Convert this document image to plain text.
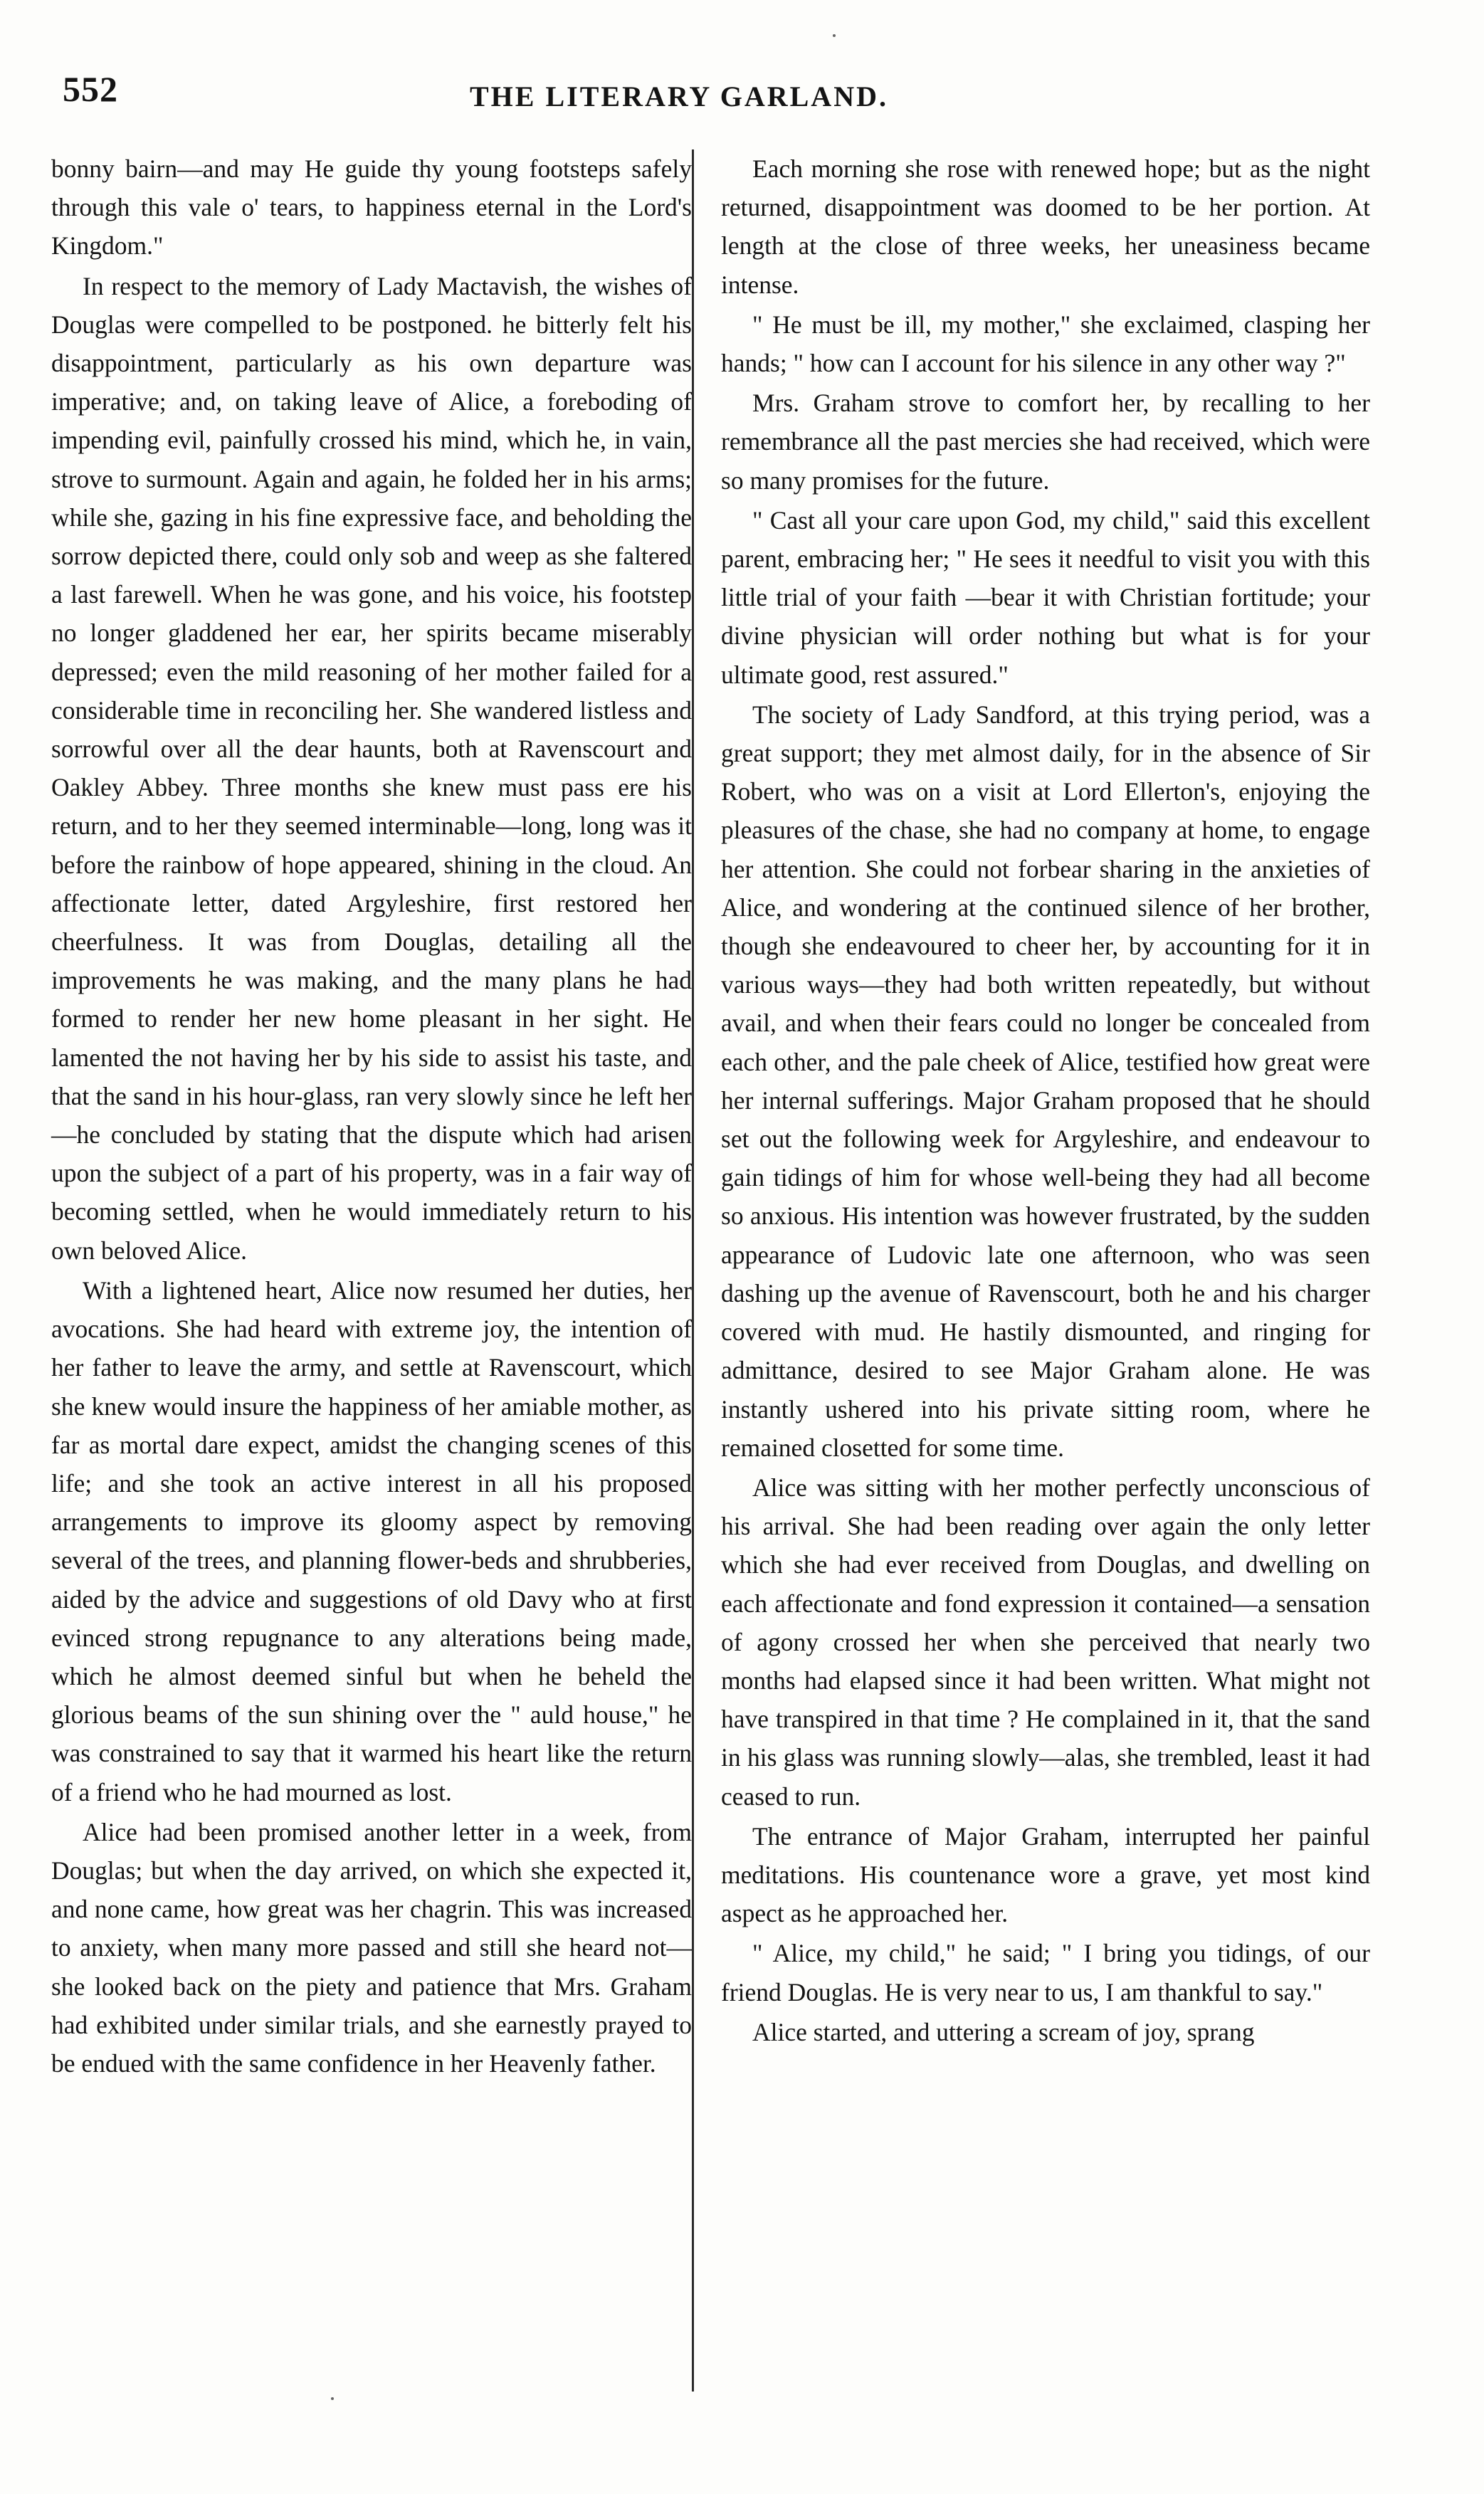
552	THE LITERARY GARLAND.

bonny bairn—and may He guide thy young footsteps safely through this vale o' tears, to happiness eternal in the Lord's Kingdom."

In respect to the memory of Lady Mactavish, the wishes of Douglas were compelled to be postponed. he bitterly felt his disappointment, particularly as his own departure was imperative; and, on taking leave of Alice, a foreboding of impending evil, painfully crossed his mind, which he, in vain, strove to surmount. Again and again, he folded her in his arms; while she, gazing in his fine expressive face, and beholding the sorrow depicted there, could only sob and weep as she faltered a last farewell. When he was gone, and his voice, his footstep no longer gladdened her ear, her spirits became miserably depressed; even the mild reasoning of her mother failed for a considerable time in reconciling her. She wandered listless and sorrowful over all the dear haunts, both at Ravenscourt and Oakley Abbey. Three months she knew must pass ere his return, and to her they seemed interminable—long, long was it before the rainbow of hope appeared, shining in the cloud. An affectionate letter, dated Argyleshire, first restored her cheerfulness. It was from Douglas, detailing all the improvements he was making, and the many plans he had formed to render her new home pleasant in her sight. He lamented the not having her by his side to assist his taste, and that the sand in his hour-glass, ran very slowly since he left her—he concluded by stating that the dispute which had arisen upon the subject of a part of his property, was in a fair way of becoming settled, when he would immediately return to his own beloved Alice.

With a lightened heart, Alice now resumed her duties, her avocations. She had heard with extreme joy, the intention of her father to leave the army, and settle at Ravenscourt, which she knew would insure the happiness of her amiable mother, as far as mortal dare expect, amidst the changing scenes of this life; and she took an active interest in all his proposed arrangements to improve its gloomy aspect by removing several of the trees, and planning flower-beds and shrubberies, aided by the advice and suggestions of old Davy who at first evinced strong repugnance to any alterations being made, which he almost deemed sinful but when he beheld the glorious beams of the sun shining over the " auld house," he was constrained to say that it warmed his heart like the return of a friend who he had mourned as lost.

Alice had been promised another letter in a week, from Douglas; but when the day arrived, on which she expected it, and none came, how great was her chagrin. This was increased to anxiety, when many more passed and still she heard not—she looked back on the piety and patience that Mrs. Graham had exhibited under similar trials, and she earnestly prayed to be endued with the same confidence in her Heavenly father.

Each morning she rose with renewed hope; but as the night returned, disappointment was doomed to be her portion. At length at the close of three weeks, her uneasiness became intense.

" He must be ill, my mother," she exclaimed, clasping her hands; " how can I account for his silence in any other way ?"

Mrs. Graham strove to comfort her, by recalling to her remembrance all the past mercies she had received, which were so many promises for the future.

" Cast all your care upon God, my child," said this excellent parent, embracing her; " He sees it needful to visit you with this little trial of your faith —bear it with Christian fortitude; your divine physician will order nothing but what is for your ultimate good, rest assured."

The society of Lady Sandford, at this trying period, was a great support; they met almost daily, for in the absence of Sir Robert, who was on a visit at Lord Ellerton's, enjoying the pleasures of the chase, she had no company at home, to engage her attention. She could not forbear sharing in the anxieties of Alice, and wondering at the continued silence of her brother, though she endeavoured to cheer her, by accounting for it in various ways—they had both written repeatedly, but without avail, and when their fears could no longer be concealed from each other, and the pale cheek of Alice, testified how great were her internal sufferings. Major Graham proposed that he should set out the following week for Argyleshire, and endeavour to gain tidings of him for whose well-being they had all become so anxious. His intention was however frustrated, by the sudden appearance of Ludovic late one afternoon, who was seen dashing up the avenue of Ravenscourt, both he and his charger covered with mud. He hastily dismounted, and ringing for admittance, desired to see Major Graham alone. He was instantly ushered into his private sitting room, where he remained closetted for some time.

Alice was sitting with her mother perfectly unconscious of his arrival. She had been reading over again the only letter which she had ever received from Douglas, and dwelling on each affectionate and fond expression it contained—a sensation of agony crossed her when she perceived that nearly two months had elapsed since it had been written. What might not have transpired in that time ? He complained in it, that the sand in his glass was running slowly—alas, she trembled, least it had ceased to run.

The entrance of Major Graham, interrupted her painful meditations. His countenance wore a grave, yet most kind aspect as he approached her.

" Alice, my child," he said; " I bring you tidings, of our friend Douglas. He is very near to us, I am thankful to say."

Alice started, and uttering a scream of joy, sprang
